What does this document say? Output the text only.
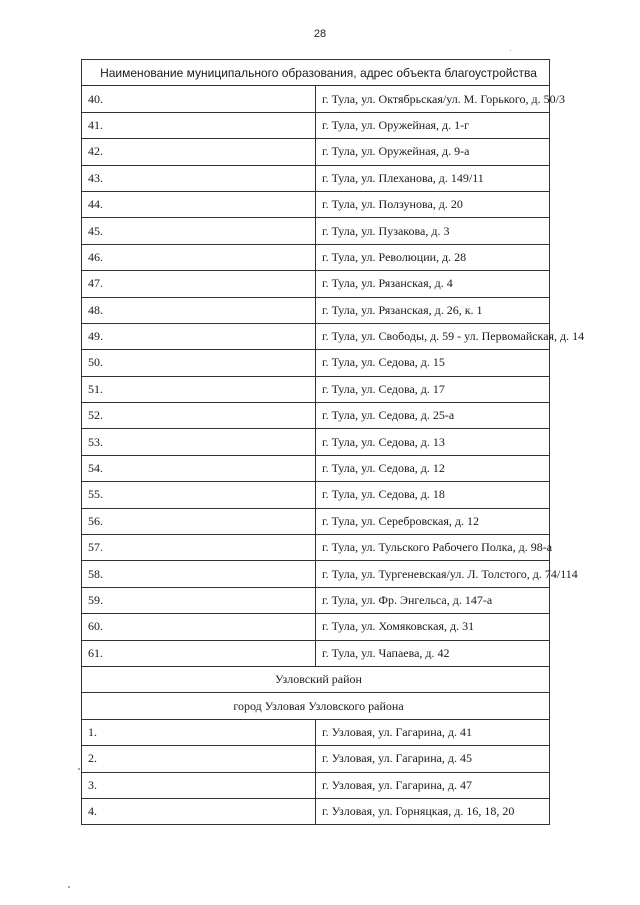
28
Наименование муниципального образования, адрес объекта благоустройства	
40.	г. Тула, ул. Октябрьская/ул. М. Горького, д. 50/3
41.	г. Тула, ул. Оружейная, д. 1-г
42.	г. Тула, ул. Оружейная, д. 9-а
43.	г. Тула, ул. Плеханова, д. 149/11
44.	г. Тула, ул. Ползунова, д. 20
45.	г. Тула, ул. Пузакова, д. 3
46.	г. Тула, ул. Революции, д. 28
47.	г. Тула, ул. Рязанская, д. 4
48.	г. Тула, ул. Рязанская, д. 26, к. 1
49.	г. Тула, ул. Свободы, д. 59 - ул. Первомайская, д. 14
50.	г. Тула, ул. Седова, д. 15
51.	г. Тула, ул. Седова, д. 17
52.	г. Тула, ул. Седова, д. 25-а
53.	г. Тула, ул. Седова, д. 13
54.	г. Тула, ул. Седова, д. 12
55.	г. Тула, ул. Седова, д. 18
56.	г. Тула, ул. Серебровская, д. 12
57.	г. Тула, ул. Тульского Рабочего Полка, д. 98-а
58.	г. Тула, ул. Тургеневская/ул. Л. Толстого, д. 74/114
59.	г. Тула, ул. Фр. Энгельса, д. 147-а
60.	г. Тула, ул. Хомяковская, д. 31
61.	г. Тула, ул. Чапаева, д. 42
Узловский район	
город Узловая Узловского района	
1.	г. Узловая, ул. Гагарина, д. 41
2.	г. Узловая, ул. Гагарина, д. 45
3.	г. Узловая, ул. Гагарина, д. 47
4.	г. Узловая, ул. Горняцкая, д. 16, 18, 20
